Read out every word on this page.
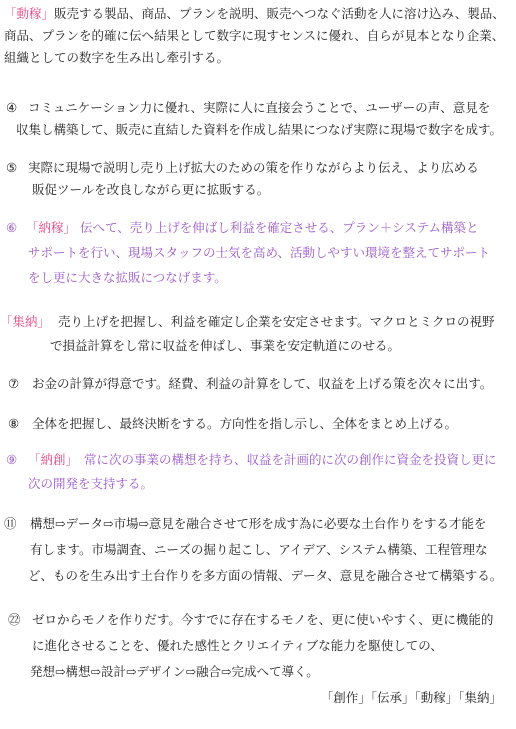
「動稼」販売する製品、商品、プランを説明、販売へつなぐ活動を人に溶け込み、製品、
商品、プランを的確に伝へ結果として数字に現すセンスに優れ、自らが見本となり企業、
組織としての数字を生み出し牽引する。
④ コミュニケーション力に優れ、実際に人に直接会うことで、ユーザーの声、意見を
収集し構築して、販売に直結した資料を作成し結果につなげ実際に現場で数字を成す。
⑤ 実際に現場で説明し売り上げ拡大のための策を作りながらより伝え、より広める
販促ツールを改良しながら更に拡販する。
⑥ 「納稼」 伝へて、売り上げを伸ばし利益を確定させる、プラン＋システム構築と
サポートを行い、現場スタッフの士気を高め、活動しやすい環境を整えてサポート
をし更に大きな拡販につなげます。
「集納」 売り上げを把握し、利益を確定し企業を安定させます。マクロとミクロの視野
で損益計算をし常に収益を伸ばし、事業を安定軌道にのせる。
⑦ お金の計算が得意です。経費、利益の計算をして、収益を上げる策を次々に出す。
⑧ 全体を把握し、最終決断をする。方向性を指し示し、全体をまとめ上げる。
⑨ 「納創」 常に次の事業の構想を持ち、収益を計画的に次の創作に資金を投資し更に
次の開発を支持する。
⑪ 構想⇨データ⇨市場⇨意見を融合させて形を成す為に必要な土台作りをする才能を
有します。市場調査、ニーズの掘り起こし、アイデア、システム構築、工程管理な
ど、ものを生み出す土台作りを多方面の情報、データ、意見を融合させて構築する。
㉒ ゼロからモノを作りだす。今すでに存在するモノを、更に使いやすく、更に機能的
に進化させることを、優れた感性とクリエイティブな能力を駆使しての、
発想⇨構想⇨設計⇨デザイン⇨融合⇨完成へて導く。
「創作」「伝承」「動稼」「集納」
